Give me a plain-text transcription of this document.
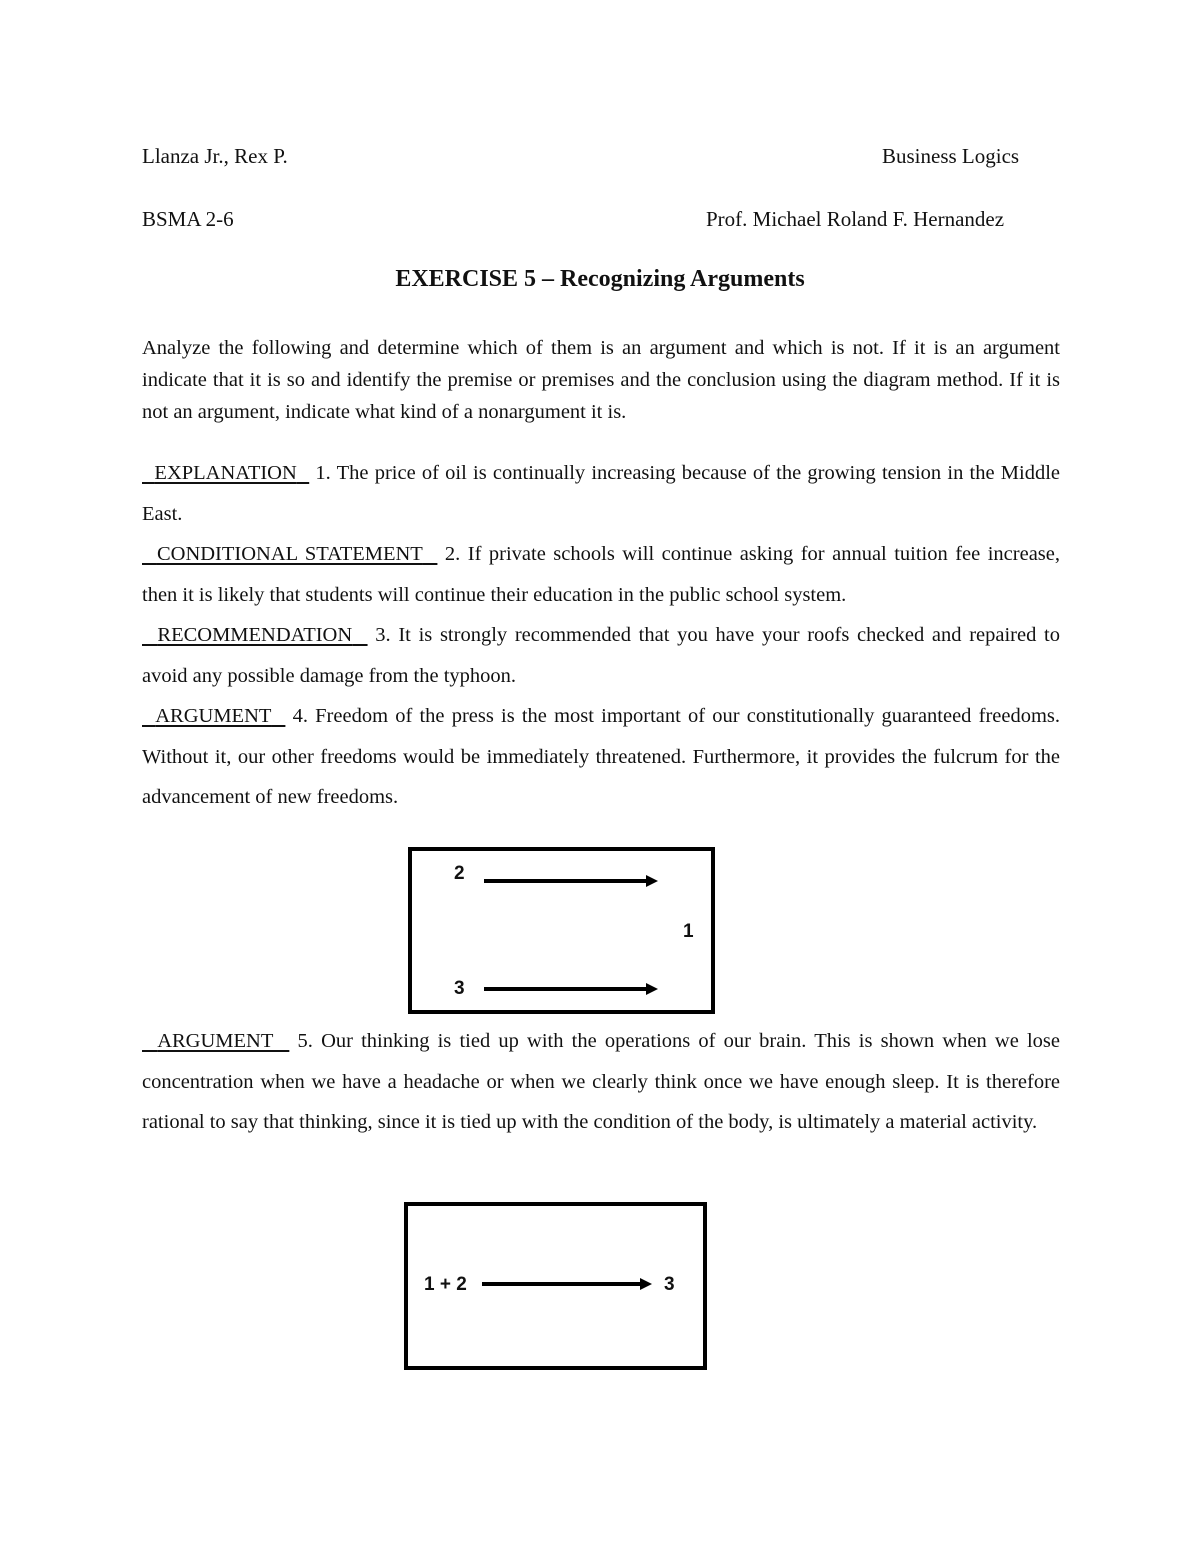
Llanza Jr., Rex P.	Business Logics
BSMA 2-6	Prof. Michael Roland F. Hernandez
EXERCISE 5 – Recognizing Arguments

Analyze the following and determine which of them is an argument and which is not. If it is an argument indicate that it is so and identify the premise or premises and the conclusion using the diagram method. If it is not an argument, indicate what kind of a nonargument it is.

EXPLANATION 1. The price of oil is continually increasing because of the growing tension in the Middle East.

CONDITIONAL STATEMENT 2. If private schools will continue asking for annual tuition fee increase, then it is likely that students will continue their education in the public school system.

RECOMMENDATION 3. It is strongly recommended that you have your roofs checked and repaired to avoid any possible damage from the typhoon.

ARGUMENT 4. Freedom of the press is the most important of our constitutionally guaranteed freedoms. Without it, our other freedoms would be immediately threatened. Furthermore, it provides the fulcrum for the advancement of new freedoms.

2
3
1

ARGUMENT 5. Our thinking is tied up with the operations of our brain. This is shown when we lose concentration when we have a headache or when we clearly think once we have enough sleep. It is therefore rational to say that thinking, since it is tied up with the condition of the body, is ultimately a material activity.

1 + 2	3
